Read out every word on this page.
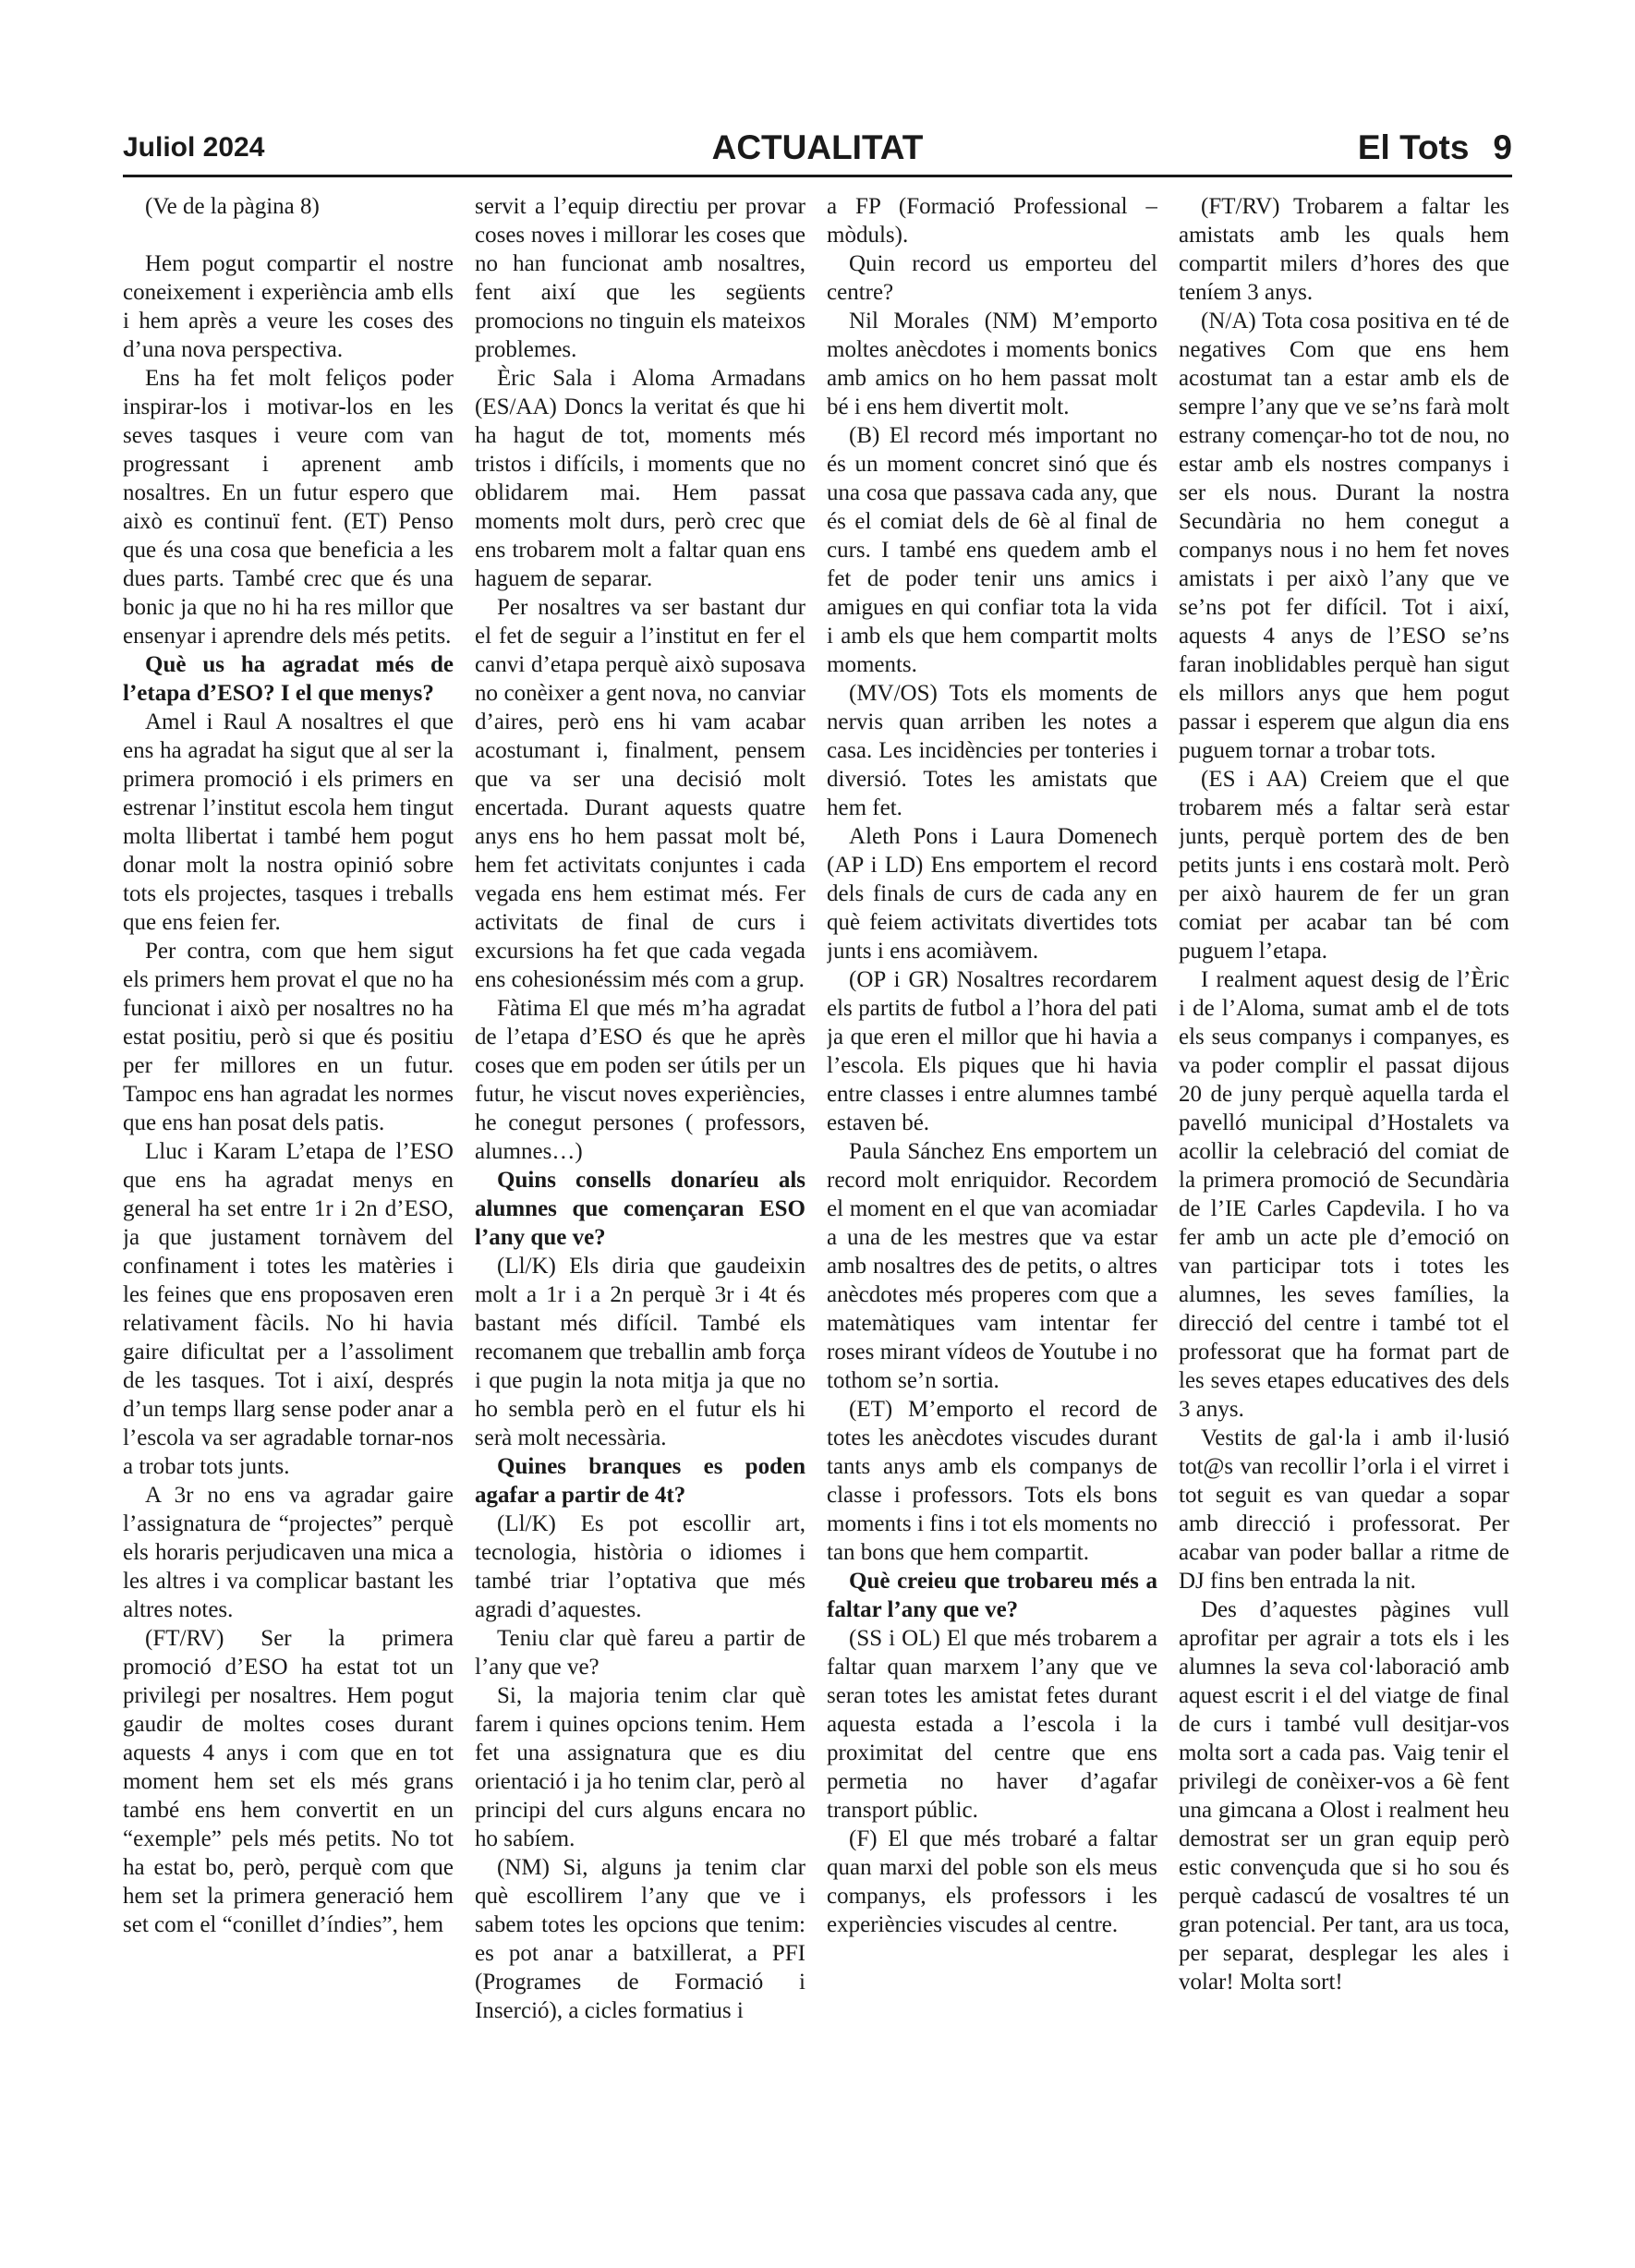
Juliol 2024	ACTUALITAT	El Tots 9

(Ve de la pàgina 8)

Hem pogut compartir el nostre coneixement i experiència amb ells i hem après a veure les coses des d’una nova perspectiva.

Ens ha fet molt feliços poder inspirar-los i motivar-los en les seves tasques i veure com van progressant i aprenent amb nosaltres. En un futur espero que això es continuï fent. (ET) Penso que és una cosa que beneficia a les dues parts. També crec que és una bonic ja que no hi ha res millor que ensenyar i aprendre dels més petits.

Què us ha agradat més de l’etapa d’ESO? I el que menys?

Amel i Raul A nosaltres el que ens ha agradat ha sigut que al ser la primera promoció i els primers en estrenar l’institut escola hem tingut molta llibertat i també hem pogut donar molt la nostra opinió sobre tots els projectes, tasques i treballs que ens feien fer.

Per contra, com que hem sigut els primers hem provat el que no ha funcionat i això per nosaltres no ha estat positiu, però si que és positiu per fer millores en un futur. Tampoc ens han agradat les normes que ens han posat dels patis.

Lluc i Karam L’etapa de l’ESO que ens ha agradat menys en general ha set entre 1r i 2n d’ESO, ja que justament tornàvem del confinament i totes les matèries i les feines que ens proposaven eren relativament fàcils. No hi havia gaire dificultat per a l’assoliment de les tasques. Tot i així, després d’un temps llarg sense poder anar a l’escola va ser agradable tornar-nos a trobar tots junts.

A 3r no ens va agradar gaire l’assignatura de “projectes” perquè els horaris perjudicaven una mica a les altres i va complicar bastant les altres notes.

(FT/RV) Ser la primera promoció d’ESO ha estat tot un privilegi per nosaltres. Hem pogut gaudir de moltes coses durant aquests 4 anys i com que en tot moment hem set els més grans també ens hem convertit en un “exemple” pels més petits. No tot ha estat bo, però, perquè com que hem set la primera generació hem set com el “conillet d’índies”, hem

servit a l’equip directiu per provar coses noves i millorar les coses que no han funcionat amb nosaltres, fent així que les següents promocions no tinguin els mateixos problemes.

Èric Sala i Aloma Armadans (ES/AA) Doncs la veritat és que hi ha hagut de tot, moments més tristos i difícils, i moments que no oblidarem mai. Hem passat moments molt durs, però crec que ens trobarem molt a faltar quan ens haguem de separar.

Per nosaltres va ser bastant dur el fet de seguir a l’institut en fer el canvi d’etapa perquè això suposava no conèixer a gent nova, no canviar d’aires, però ens hi vam acabar acostumant i, finalment, pensem que va ser una decisió molt encertada. Durant aquests quatre anys ens ho hem passat molt bé, hem fet activitats conjuntes i cada vegada ens hem estimat més. Fer activitats de final de curs i excursions ha fet que cada vegada ens cohesionéssim més com a grup.

Fàtima El que més m’ha agradat de l’etapa d’ESO és que he après coses que em poden ser útils per un futur, he viscut noves experiències, he conegut persones ( professors, alumnes…)

Quins consells donaríeu als alumnes que començaran ESO l’any que ve?

(Ll/K) Els diria que gaudeixin molt a 1r i a 2n perquè 3r i 4t és bastant més difícil. També els recomanem que treballin amb força i que pugin la nota mitja ja que no ho sembla però en el futur els hi serà molt necessària.

Quines branques es poden agafar a partir de 4t?

(Ll/K) Es pot escollir art, tecnologia, història o idiomes i també triar l’optativa que més agradi d’aquestes.

Teniu clar què fareu a partir de l’any que ve?

Si, la majoria tenim clar què farem i quines opcions tenim. Hem fet una assignatura que es diu orientació i ja ho tenim clar, però al principi del curs alguns encara no ho sabíem.

(NM) Si, alguns ja tenim clar què escollirem l’any que ve i sabem totes les opcions que tenim: es pot anar a batxillerat, a PFI (Programes de Formació i Inserció), a cicles formatius i

a FP (Formació Professional – mòduls).

Quin record us emporteu del centre?

Nil Morales (NM) M’emporto moltes anècdotes i moments bonics amb amics on ho hem passat molt bé i ens hem divertit molt.

(B) El record més important no és un moment concret sinó que és una cosa que passava cada any, que és el comiat dels de 6è al final de curs. I també ens quedem amb el fet de poder tenir uns amics i amigues en qui confiar tota la vida i amb els que hem compartit molts moments.

(MV/OS) Tots els moments de nervis quan arriben les notes a casa. Les incidències per tonteries i diversió. Totes les amistats que hem fet.

Aleth Pons i Laura Domenech (AP i LD) Ens emportem el record dels finals de curs de cada any en què feiem activitats divertides tots junts i ens acomiàvem.

(OP i GR) Nosaltres recordarem els partits de futbol a l’hora del pati ja que eren el millor que hi havia a l’escola. Els piques que hi havia entre classes i entre alumnes també estaven bé.

Paula Sánchez Ens emportem un record molt enriquidor. Recordem el moment en el que van acomiadar a una de les mestres que va estar amb nosaltres des de petits, o altres anècdotes més properes com que a matemàtiques vam intentar fer roses mirant vídeos de Youtube i no tothom se’n sortia.

(ET) M’emporto el record de totes les anècdotes viscudes durant tants anys amb els companys de classe i professors. Tots els bons moments i fins i tot els moments no tan bons que hem compartit.

Què creieu que trobareu més a faltar l’any que ve?

(SS i OL) El que més trobarem a faltar quan marxem l’any que ve seran totes les amistat fetes durant aquesta estada a l’escola i la proximitat del centre que ens permetia no haver d’agafar transport públic.

(F) El que més trobaré a faltar quan marxi del poble son els meus companys, els professors i les experiències viscudes al centre.

(FT/RV) Trobarem a faltar les amistats amb les quals hem compartit milers d’hores des que teníem 3 anys.

(N/A) Tota cosa positiva en té de negatives Com que ens hem acostumat tan a estar amb els de sempre l’any que ve se’ns farà molt estrany començar-ho tot de nou, no estar amb els nostres companys i ser els nous. Durant la nostra Secundària no hem conegut a companys nous i no hem fet noves amistats i per això l’any que ve se’ns pot fer difícil. Tot i així, aquests 4 anys de l’ESO se’ns faran inoblidables perquè han sigut els millors anys que hem pogut passar i esperem que algun dia ens puguem tornar a trobar tots.

(ES i AA) Creiem que el que trobarem més a faltar serà estar junts, perquè portem des de ben petits junts i ens costarà molt. Però per això haurem de fer un gran comiat per acabar tan bé com puguem l’etapa.

I realment aquest desig de l’Èric i de l’Aloma, sumat amb el de tots els seus companys i companyes, es va poder complir el passat dijous 20 de juny perquè aquella tarda el pavelló municipal d’Hostalets va acollir la celebració del comiat de la primera promoció de Secundària de l’IE Carles Capdevila. I ho va fer amb un acte ple d’emoció on van participar tots i totes les alumnes, les seves famílies, la direcció del centre i també tot el professorat que ha format part de les seves etapes educatives des dels 3 anys.

Vestits de gal·la i amb il·lusió tot@s van recollir l’orla i el virret i tot seguit es van quedar a sopar amb direcció i professorat. Per acabar van poder ballar a ritme de DJ fins ben entrada la nit.

Des d’aquestes pàgines vull aprofitar per agrair a tots els i les alumnes la seva col·laboració amb aquest escrit i el del viatge de final de curs i també vull desitjar-vos molta sort a cada pas. Vaig tenir el privilegi de conèixer-vos a 6è fent una gimcana a Olost i realment heu demostrat ser un gran equip però estic convençuda que si ho sou és perquè cadascú de vosaltres té un gran potencial. Per tant, ara us toca, per separat, desplegar les ales i volar! Molta sort!
